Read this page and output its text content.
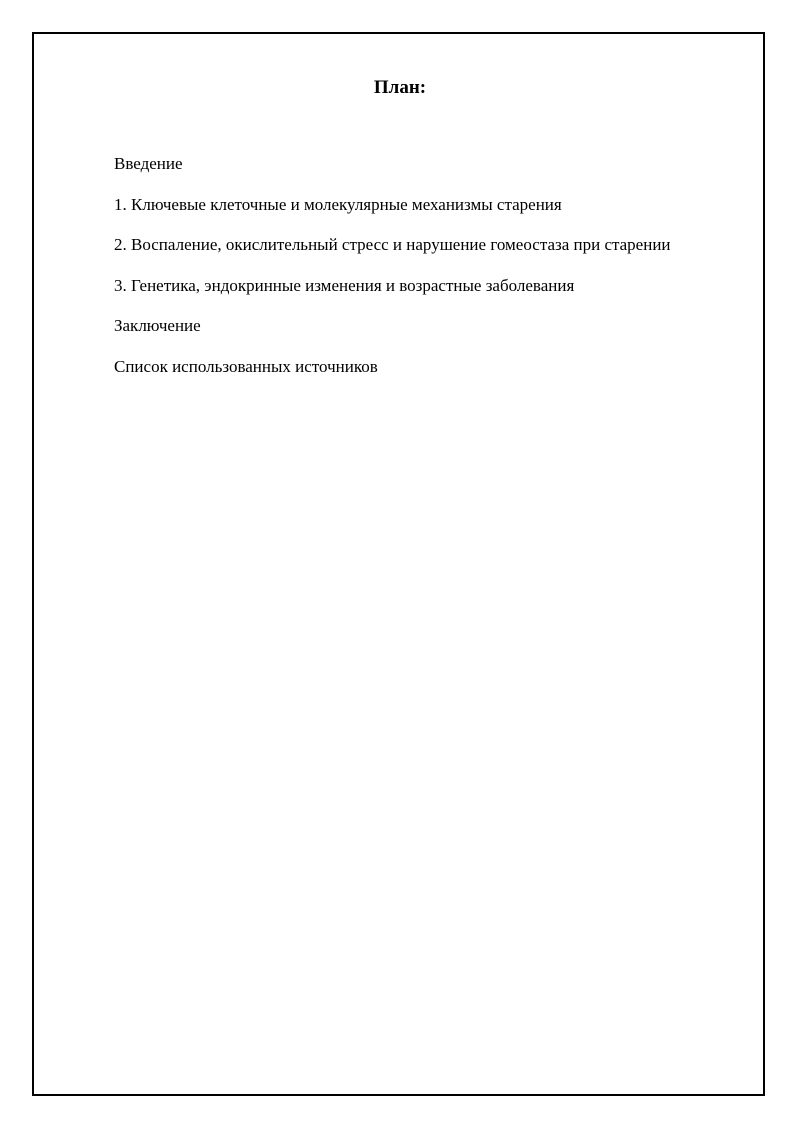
План:
Введение
1. Ключевые клеточные и молекулярные механизмы старения
2. Воспаление, окислительный стресс и нарушение гомеостаза при старении
3. Генетика, эндокринные изменения и возрастные заболевания
Заключение
Список использованных источников
